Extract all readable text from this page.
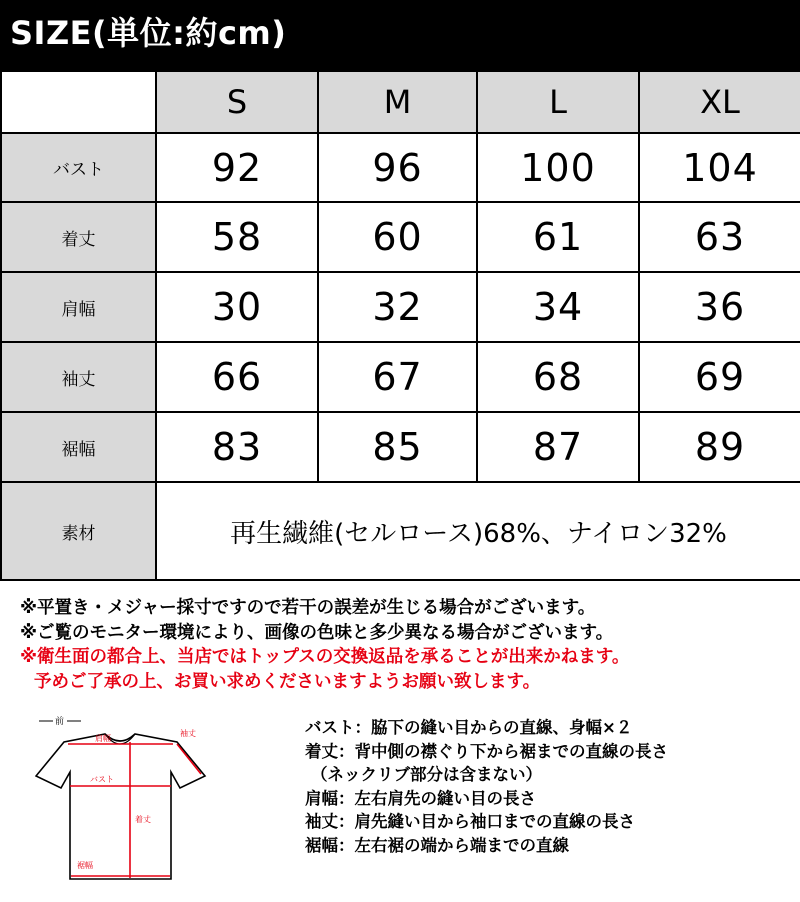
SIZE(単位:約cm)
	S	M	L	XL
バスト	92	96	100	104
着丈	58	60	61	63
肩幅	30	32	34	36
袖丈	66	67	68	69
裾幅	83	85	87	89
素材	再生繊維(セルロース)68%、ナイロン32%			
※平置き・メジャー採寸ですので若干の誤差が生じる場合がございます。
※ご覧のモニター環境により、画像の色味と多少異なる場合がございます。
※衛生面の都合上、当店ではトップスの交換返品を承ることが出来かねます。
予めご了承の上、お買い求めくださいますようお願い致します。
前
肩幅
袖丈
バスト
着丈
裾幅
バスト：脇下の縫い目からの直線、身幅×２
着丈：背中側の襟ぐり下から裾までの直線の長さ
（ネックリブ部分は含まない）
肩幅：左右肩先の縫い目の長さ
袖丈：肩先縫い目から袖口までの直線の長さ
裾幅：左右裾の端から端までの直線
